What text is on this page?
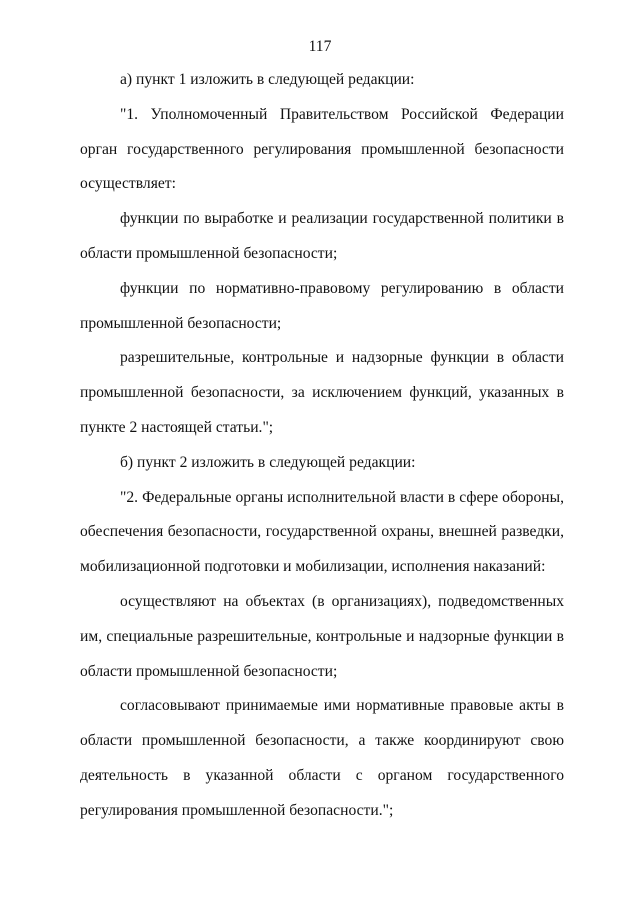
117

а) пункт 1 изложить в следующей редакции:

"1. Уполномоченный Правительством Российской Федерации орган государственного регулирования промышленной безопасности осуществляет:

функции по выработке и реализации государственной политики в области промышленной безопасности;

функции по нормативно-правовому регулированию в области промышленной безопасности;

разрешительные, контрольные и надзорные функции в области промышленной безопасности, за исключением функций, указанных в пункте 2 настоящей статьи.";

б) пункт 2 изложить в следующей редакции:

"2. Федеральные органы исполнительной власти в сфере обороны, обеспечения безопасности, государственной охраны, внешней разведки, мобилизационной подготовки и мобилизации, исполнения наказаний:

осуществляют на объектах (в организациях), подведомственных им, специальные разрешительные, контрольные и надзорные функции в области промышленной безопасности;

согласовывают принимаемые ими нормативные правовые акты в области промышленной безопасности, а также координируют свою деятельность в указанной области с органом государственного регулирования промышленной безопасности.";
